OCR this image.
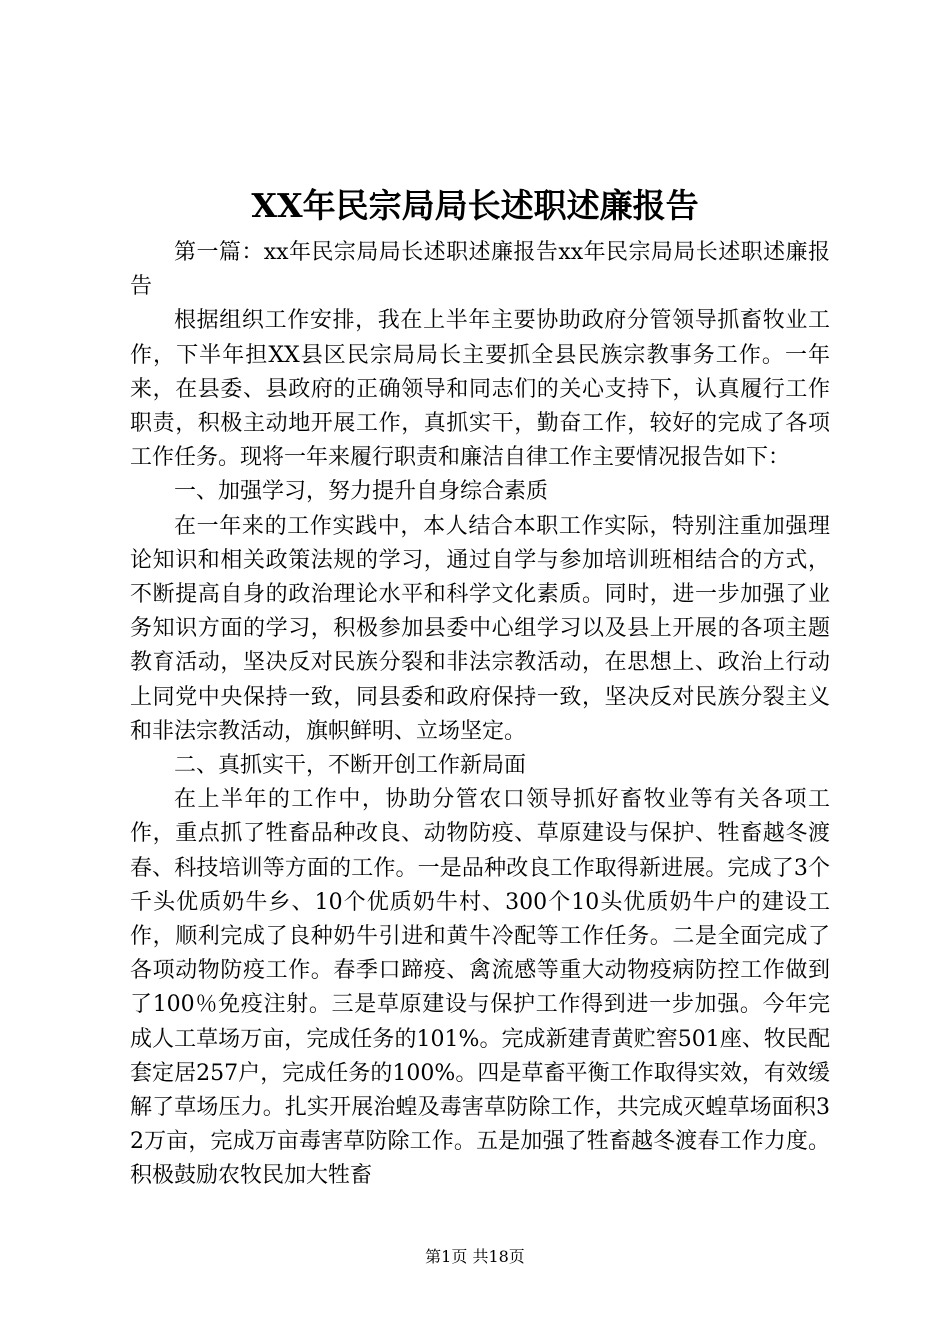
XX年民宗局局长述职述廉报告

第一篇：xx年民宗局局长述职述廉报告xx年民宗局局长述职述廉报告

根据组织工作安排，我在上半年主要协助政府分管领导抓畜牧业工作，下半年担XX县区民宗局局长主要抓全县民族宗教事务工作。一年来，在县委、县政府的正确领导和同志们的关心支持下，认真履行工作职责，积极主动地开展工作，真抓实干，勤奋工作，较好的完成了各项工作任务。现将一年来履行职责和廉洁自律工作主要情况报告如下：

一、加强学习，努力提升自身综合素质

在一年来的工作实践中，本人结合本职工作实际，特别注重加强理论知识和相关政策法规的学习，通过自学与参加培训班相结合的方式，不断提高自身的政治理论水平和科学文化素质。同时，进一步加强了业务知识方面的学习，积极参加县委中心组学习以及县上开展的各项主题教育活动，坚决反对民族分裂和非法宗教活动，在思想上、政治上行动上同党中央保持一致，同县委和政府保持一致，坚决反对民族分裂主义和非法宗教活动，旗帜鲜明、立场坚定。

二、真抓实干，不断开创工作新局面

在上半年的工作中，协助分管农口领导抓好畜牧业等有关各项工作，重点抓了牲畜品种改良、动物防疫、草原建设与保护、牲畜越冬渡春、科技培训等方面的工作。一是品种改良工作取得新进展。完成了3个千头优质奶牛乡、10个优质奶牛村、300个10头优质奶牛户的建设工作，顺利完成了良种奶牛引进和黄牛冷配等工作任务。二是全面完成了各项动物防疫工作。春季口蹄疫、禽流感等重大动物疫病防控工作做到了100％免疫注射。三是草原建设与保护工作得到进一步加强。今年完成人工草场万亩，完成任务的101%。完成新建青黄贮窖501座、牧民配套定居257户，完成任务的100%。四是草畜平衡工作取得实效，有效缓解了草场压力。扎实开展治蝗及毒害草防除工作，共完成灭蝗草场面积32万亩，完成万亩毒害草防除工作。五是加强了牲畜越冬渡春工作力度。积极鼓励农牧民加大牲畜

第1页 共18页
